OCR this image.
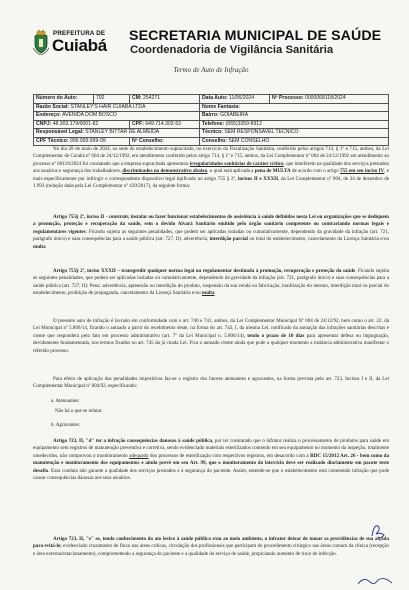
PREFEITURA DE
Cuiabá SECRETARIA MUNICIPAL DE SAÚDE
Coordenadoria de Vigilância Sanitária
Termo de Auto de Infração
Número do Auto:	792	CM: 254271	Data Auto: 11/06/2024	Nº Processo: 0000068118/2024
Razão Social: STANLEY'S HAIR CUIABA LTDA			Nome Fantasia:	
Endereço: AVENIDA DOM BOSCO			Bairro: GOIABEIRA	
CNPJ: 48.303.179/0001-82		CPF: 649.714.302-53	Telefone: (065)3359-8912	
Responsável Legal: STANLEY BITTAR DE ALMEIDA			Técnico: SEM RESPONSAVEL TECNICO	
CPF Técnico: 999.999.999-99		Nº Conselho:	Conselho: SEM CONSELHO	

No dia 28 de maio de 2024, na sede do estabelecimento supracitado, no exercício da Fiscalização Sanitária, conferido pelos artigos 714, § 1º e 715, ambos, da Lei Complementar de Cuiabá nº 004 de 24/12/1992, em atendimento conferido pelos artigo 714, § 1º e 715, ambos, da Lei Complementar nº 004 de 24/12/1992 em atendimento ao processo nº 68118/2024 foi constatado que a empresa supracitada apresentou irregularidades sanitárias de caráter crítico, que interferem na qualidade dos serviços prestados aos usuários e segurança dos trabalhadores, discriminados no demonstrativo abaixo, o qual será aplicada a pena de MULTA de acordo com o artigo 755 em seu inciso IV, e mais especificamente por infringir o correspondente dispositivo legal tipificado no artigo 755 § 2º, incisos II e XXXII, da Lei Complementar nº 004, de 24 de dezembro de 1.992 (redação dada pela Lei Complementar nº 439/2017), da seguinte forma:

Artigo 755§ 2º, inciso II - construir, instalar ou fazer funcionar estabelecimentos de assistência à saúde definidos nesta Lei ou organizações que se dediquem a promoção, proteção e recuperação da saúde, sem o devido Alvará Sanitário emitido pelo órgão sanitário competente ou contrariando normas legais e regulamentares vigentes: Ficando sujeita as seguintes penalidades, que podem ser aplicadas isoladas ou cumulativamente, dependendo da gravidade da infração (art. 721, parágrafo único) e suas consequências para a saúde pública (art. 727, II): advertência, interdição parcial ou total do estabelecimento, cancelamento da Licença Sanitária e/ou multa

Artigo 755§ 2º, inciso XXXII – transgredir qualquer norma legal ou regulamentar destinada à promoção, recuperação e proteção da saúde. Ficando sujeita as seguintes penalidades, que podem ser aplicadas isoladas ou cumulativamente, dependendo da gravidade da infração (art. 721, parágrafo único) e suas consequências para a saúde pública (art. 727, II): Pena: advertência, apreensão ou interdição do produto, suspensão da sua venda ou fabricação, inutilização do mesmo, interdição total ou parcial do estabelecimento, proibição de propaganda, cancelamento da Licença Sanitária e/ou multa

O presente auto de infração é lavrado em conformidade com o art. 740 e 741, ambos, da Lei Complementar Municipal Nº 004 de 24/12/92, bem como o art. 22, da Lei Municipal nº 5.806/14, ficando o autuado a partir do recebimento deste, na forma do art. 743, I, da mesma Lei, notificado da autuação das infrações sanitárias descritas e ciente que responderá pelo fato em processo administrativo (art. 7º da Lei Municipal n. 5.806/14), tendo o prazo de 10 dias para apresentar defesa ou impugnação, devidamente fundamentada, nos termos fixados no art. 745 da já citada Lei. Fica o autuado ciente ainda que pode a qualquer momento a instância administrativa manifestar o referido processo.

Para efeito de aplicação das penalidades impositivas faz-se o registro dos fatores atenuantes e agravantes, na forma prevista pelo art. 723, Incisos I e II, da Lei Complementar Municipal nº 004/92, especificando:

a. Atenuantes:

Não há o que se relatar.

b. Agravantes:

Artigo 723, II, "d" ter a infração consequências danosas à saúde pública, por ter constatado que o infrator realiza o processamento de produtos para saúde em equipamento sem registros de manutenção preventiva e corretiva, sendo evidenciado materiais esterilizados contendo em seu equipamento no momento da inspeção, totalmente umedecidos, não comprovou o monitoramento adequado dos processos de esterilização com respectivos registros, em desacordo com a RDC 15/2012 Art. 26 - bem como da manutenção e monitoramento dos equipamentos e ainda prevê em seu Art. 99, que o monitoramento do lote/ciclo deve ser realizado diariamente em pacote teste desafio. Essa conduta não garante a qualidade dos serviços prestados e à segurança do paciente. Assim, entende-se que o estabelecimento está cometendo infração que pode causar consequências danosas aos seus usuários.

Artigo 723, II, "e" se, tendo conhecimento do ato lesivo à saúde pública e/ou ao meio ambiente, o infrator deixar de tomar as providências de sua alçada para evitá-lo; evidenciado cruzamento de fluxo nas áreas críticas, circulação dos profissionais que participam do procedimento cirúrgico nas áreas comum da clínica (recepção e área externa/estacionamento), comprometendo a segurança do paciente e a qualidade do serviço de saúde, propiciando aumento de risco de infecção.
